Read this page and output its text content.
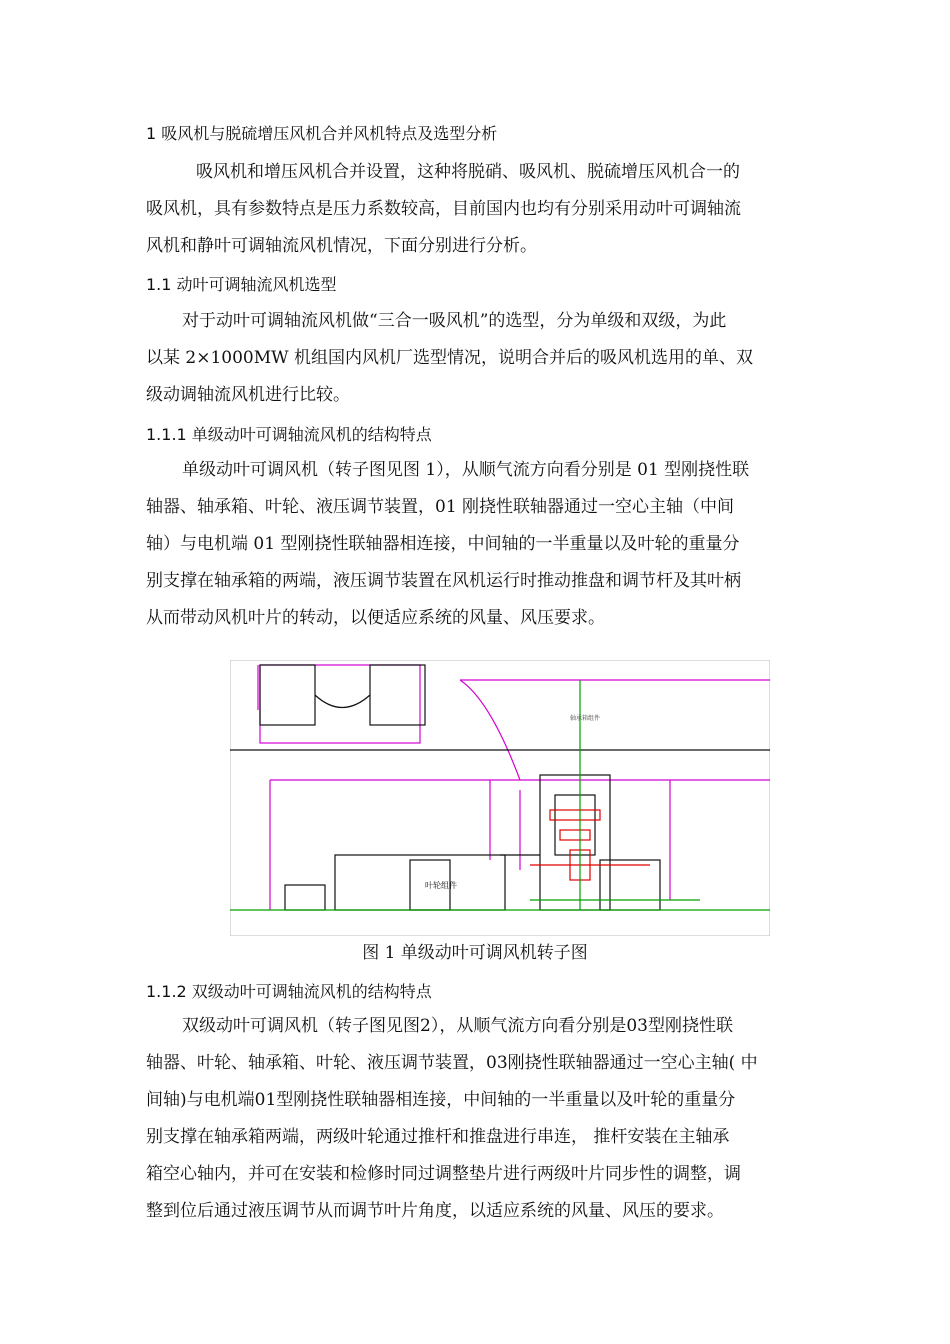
1 吸风机与脱硫增压风机合并风机特点及选型分析
吸风机和增压风机合并设置，这种将脱硝、吸风机、脱硫增压风机合一的
吸风机，具有参数特点是压力系数较高，目前国内也均有分别采用动叶可调轴流
风机和静叶可调轴流风机情况，下面分别进行分析。
1.1 动叶可调轴流风机选型
对于动叶可调轴流风机做“三合一吸风机”的选型，分为单级和双级，为此
以某 2×1000MW 机组国内风机厂选型情况，说明合并后的吸风机选用的单、双
级动调轴流风机进行比较。
1.1.1 单级动叶可调轴流风机的结构特点
单级动叶可调风机（转子图见图 1），从顺气流方向看分别是 01 型刚挠性联
轴器、轴承箱、叶轮、液压调节装置，01 刚挠性联轴器通过一空心主轴（中间
轴）与电机端 01 型刚挠性联轴器相连接，中间轴的一半重量以及叶轮的重量分
别支撑在轴承箱的两端，液压调节装置在风机运行时推动推盘和调节杆及其叶柄
从而带动风机叶片的转动，以便适应系统的风量、风压要求。
叶轮组件
轴承箱组件
图 1 单级动叶可调风机转子图
1.1.2 双级动叶可调轴流风机的结构特点
双级动叶可调风机（转子图见图2），从顺气流方向看分别是03型刚挠性联
轴器、叶轮、轴承箱、叶轮、液压调节装置，03刚挠性联轴器通过一空心主轴( 中
间轴)与电机端01型刚挠性联轴器相连接，中间轴的一半重量以及叶轮的重量分
别支撑在轴承箱两端，两级叶轮通过推杆和推盘进行串连， 推杆安装在主轴承
箱空心轴内，并可在安装和检修时同过调整垫片进行两级叶片同步性的调整，调
整到位后通过液压调节从而调节叶片角度，以适应系统的风量、风压的要求。
